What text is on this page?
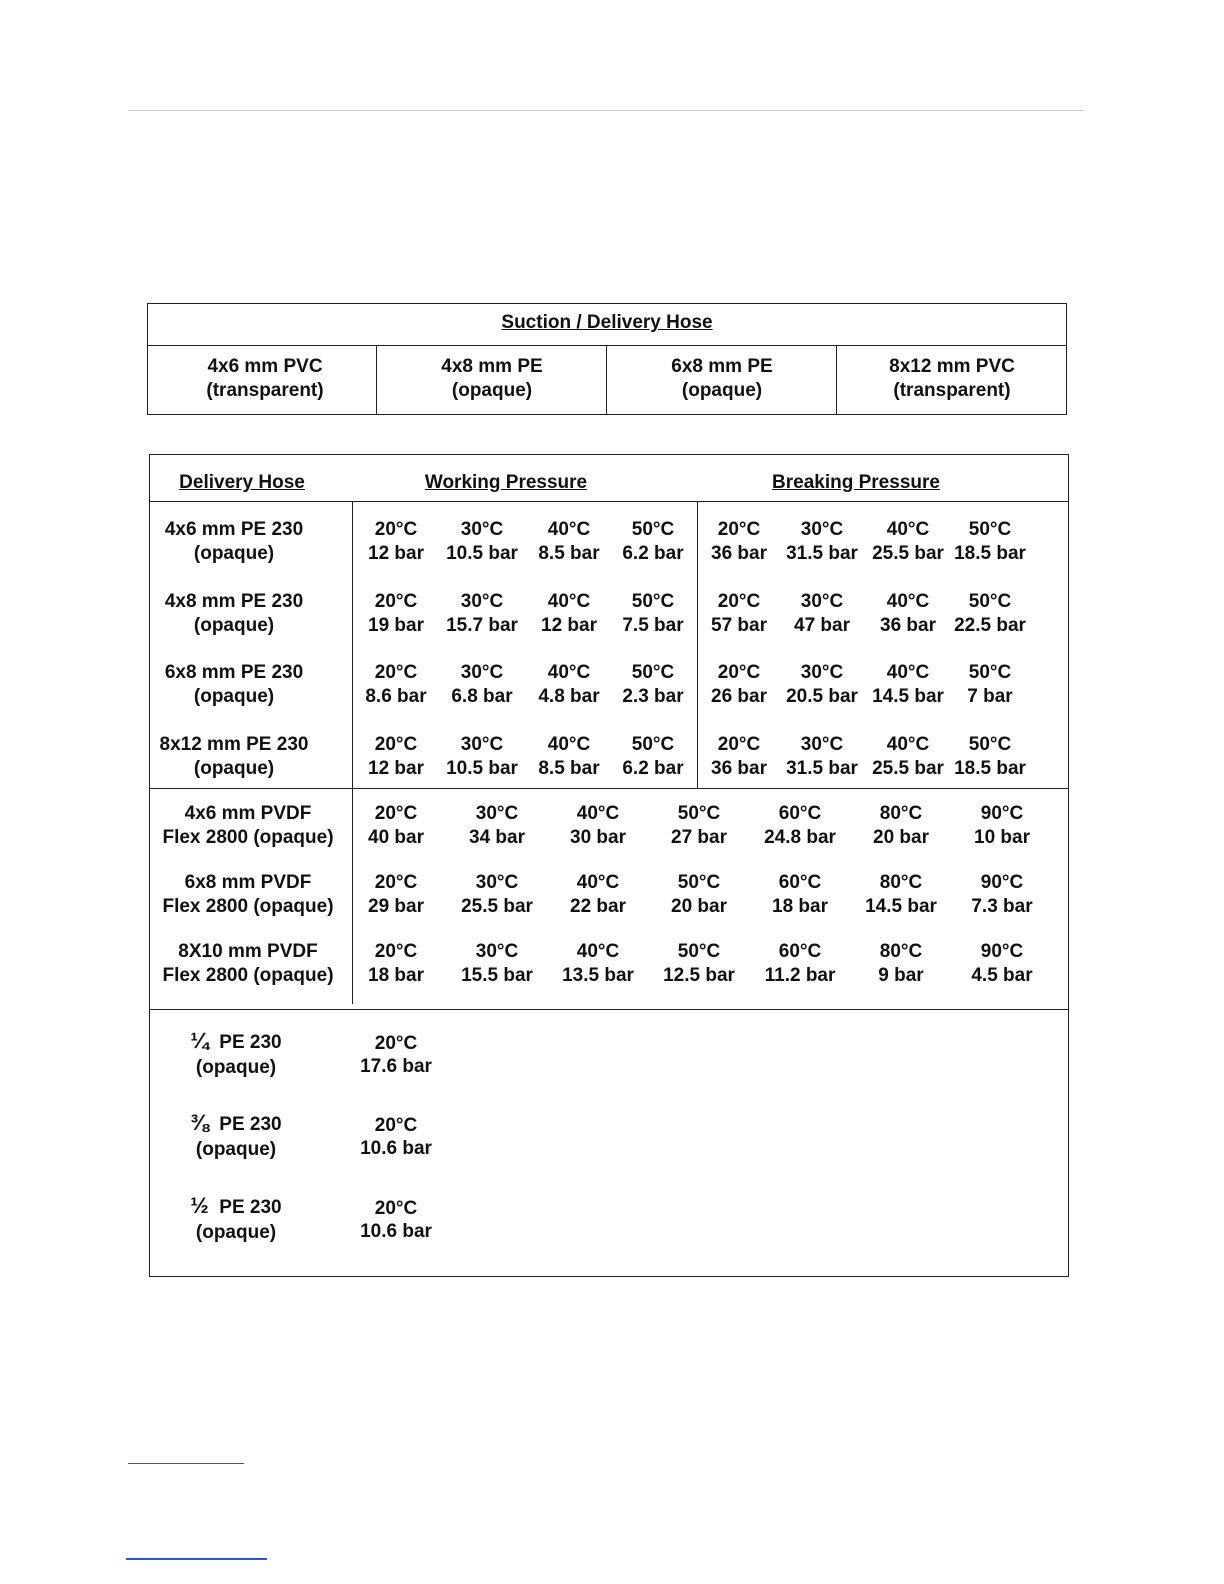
Suction / Delivery Hose
4x6 mm PVC
(transparent)
4x8 mm PE
(opaque)
6x8 mm PE
(opaque)
8x12 mm PVC
(transparent)
Delivery Hose	Working Pressure	Breaking Pressure
4x6 mm PE 230
(opaque)
20°C
12 bar
30°C
10.5 bar
40°C
8.5 bar
50°C
6.2 bar
20°C
36 bar
30°C
31.5 bar
40°C
25.5 bar
50°C
18.5 bar
4x8 mm PE 230
(opaque)
20°C
19 bar
30°C
15.7 bar
40°C
12 bar
50°C
7.5 bar
20°C
57 bar
30°C
47 bar
40°C
36 bar
50°C
22.5 bar
6x8 mm PE 230
(opaque)
20°C
8.6 bar
30°C
6.8 bar
40°C
4.8 bar
50°C
2.3 bar
20°C
26 bar
30°C
20.5 bar
40°C
14.5 bar
50°C
7 bar
8x12 mm PE 230
(opaque)
20°C
12 bar
30°C
10.5 bar
40°C
8.5 bar
50°C
6.2 bar
20°C
36 bar
30°C
31.5 bar
40°C
25.5 bar
50°C
18.5 bar
4x6 mm PVDF
Flex 2800 (opaque)
20°C
40 bar
30°C
34 bar
40°C
30 bar
50°C
27 bar
60°C
24.8 bar
80°C
20 bar
90°C
10 bar
6x8 mm PVDF
Flex 2800 (opaque)
20°C
29 bar
30°C
25.5 bar
40°C
22 bar
50°C
20 bar
60°C
18 bar
80°C
14.5 bar
90°C
7.3 bar
8X10 mm PVDF
Flex 2800 (opaque)
20°C
18 bar
30°C
15.5 bar
40°C
13.5 bar
50°C
12.5 bar
60°C
11.2 bar
80°C
9 bar
90°C
4.5 bar
¼ PE 230
(opaque)
20°C
17.6 bar
⅜ PE 230
(opaque)
20°C
10.6 bar
½ PE 230
(opaque)
20°C
10.6 bar
